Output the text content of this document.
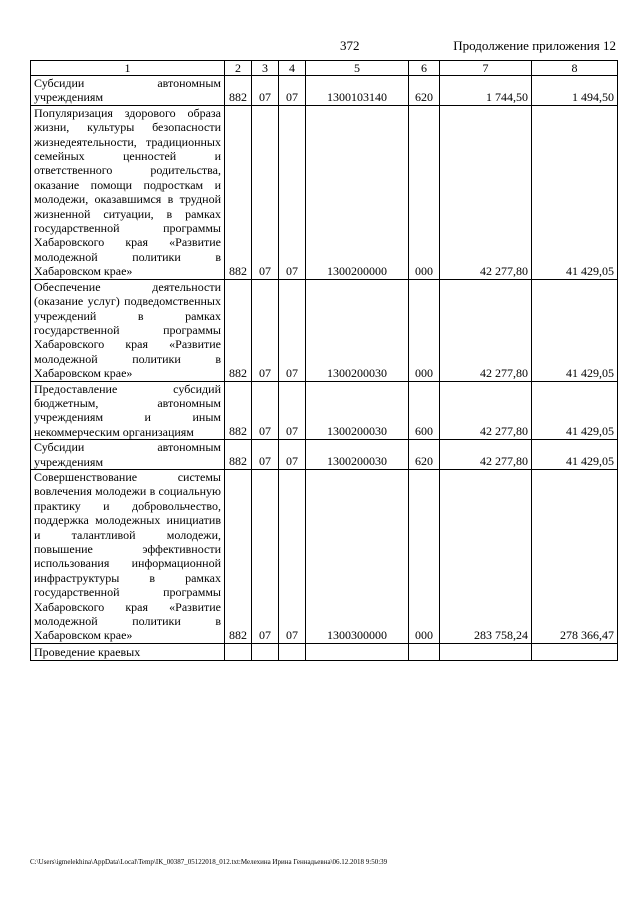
372	Продолжение приложения 12
1	2	3	4	5	6	7	8
Субсидии автономным учреждениям	882	07	07	1300103140	620	1 744,50	1 494,50
Популяризация здорового образа жизни, культуры безопасности жизнедеятельности, традиционных семейных ценностей и ответственного родительства, оказание помощи подросткам и молодежи, оказавшимся в трудной жизненной ситуации, в рамках государственной программы Хабаровского края «Развитие молодежной политики в Хабаровском крае»	882	07	07	1300200000	000	42 277,80	41 429,05
Обеспечение деятельности (оказание услуг) подведомственных учреждений в рамках государственной программы Хабаровского края «Развитие молодежной политики в Хабаровском крае»	882	07	07	1300200030	000	42 277,80	41 429,05
Предоставление субсидий бюджетным, автономным учреждениям и иным некоммерческим организациям	882	07	07	1300200030	600	42 277,80	41 429,05
Субсидии автономным учреждениям	882	07	07	1300200030	620	42 277,80	41 429,05
Совершенствование системы вовлечения молодежи в социальную практику и добровольчество, поддержка молодежных инициатив и талантливой молодежи, повышение эффективности использования информационной инфраструктуры в рамках государственной программы Хабаровского края «Развитие молодежной политики в Хабаровском крае»	882	07	07	1300300000	000	283 758,24	278 366,47
Проведение краевых							
C:\Users\igmelekhina\AppData\Local\Temp\IK_00387_05122018_012.txt:Мелехина Ирина Геннадьевна\06.12.2018 9:50:39
